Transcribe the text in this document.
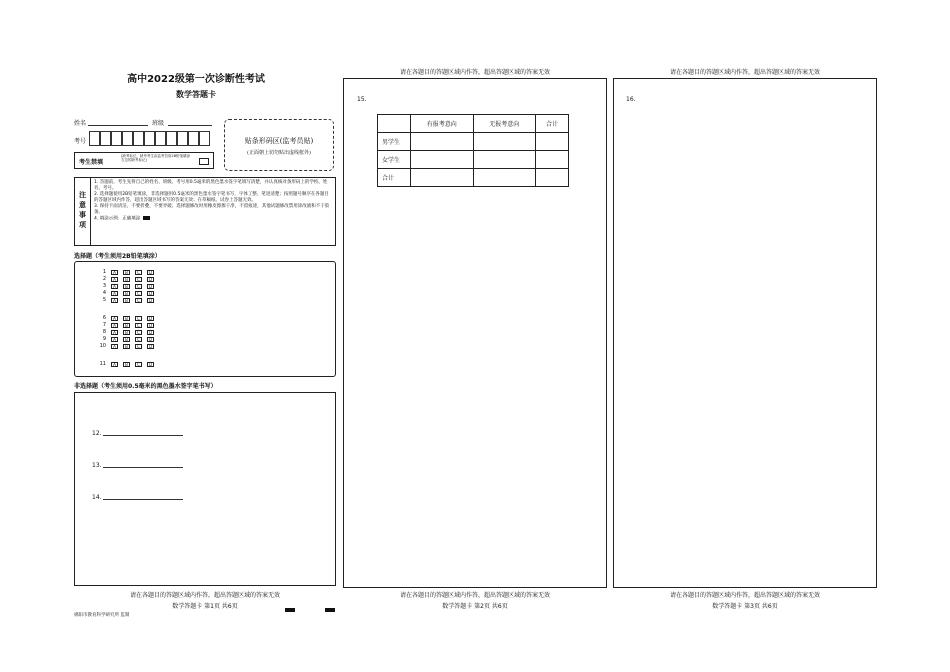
高中2022级第一次诊断性考试
数学答题卡
姓名	班级
考号
考生禁填
(缺考标记，缺考考生由监考员用2B铅笔填涂右边的缺考标记)
贴条形码区(监考员贴)
(正面朝上切勿贴出虚线框外)
注意事项
1. 答题前，考生先将自己的姓名、班级、考号用0.5毫米的黑色墨水签字笔填写清楚，并认真核对条形码上的学校、姓名、考号。
2. 选择题使用2B铅笔填涂，非选择题用0.5毫米的黑色墨水签字笔书写，字体工整、笔迹清楚；按照题号顺序在各题目的答题区域内作答，超出答题区域书写的答案无效；在草稿纸、试卷上答题无效。
3. 保持卡面清洁，不要折叠，不要弄破；选择题修改时用橡皮擦擦干净，不留痕迹，其他试题修改禁用涂改液和不干胶条。
4. 填涂示例：正确填涂
选择题（考生须用2B铅笔填涂）
1	A	B	C	D
2	A	B	C	D
3	A	B	C	D
4	A	B	C	D
5	A	B	C	D
6	A	B	C	D
7	A	B	C	D
8	A	B	C	D
9	A	B	C	D
10	A	B	C	D
11	A	B	C	D
非选择题（考生须用0.5毫米的黑色墨水签字笔书写）
12.
13.
14.
请在各题目的答题区域内作答，超出答题区域的答案无效
数学答题卡 第1页 共6页
绵阳市教育科学研究所 监制
请在各题目的答题区域内作答，超出答题区域的答案无效
15.
	有报考意向	无报考意向	合计
男学生			
女学生			
合计			
请在各题目的答题区域内作答，超出答题区域的答案无效
数学答题卡 第2页 共6页
请在各题目的答题区域内作答，超出答题区域的答案无效
16.
请在各题目的答题区域内作答，超出答题区域的答案无效
数学答题卡 第3页 共6页
